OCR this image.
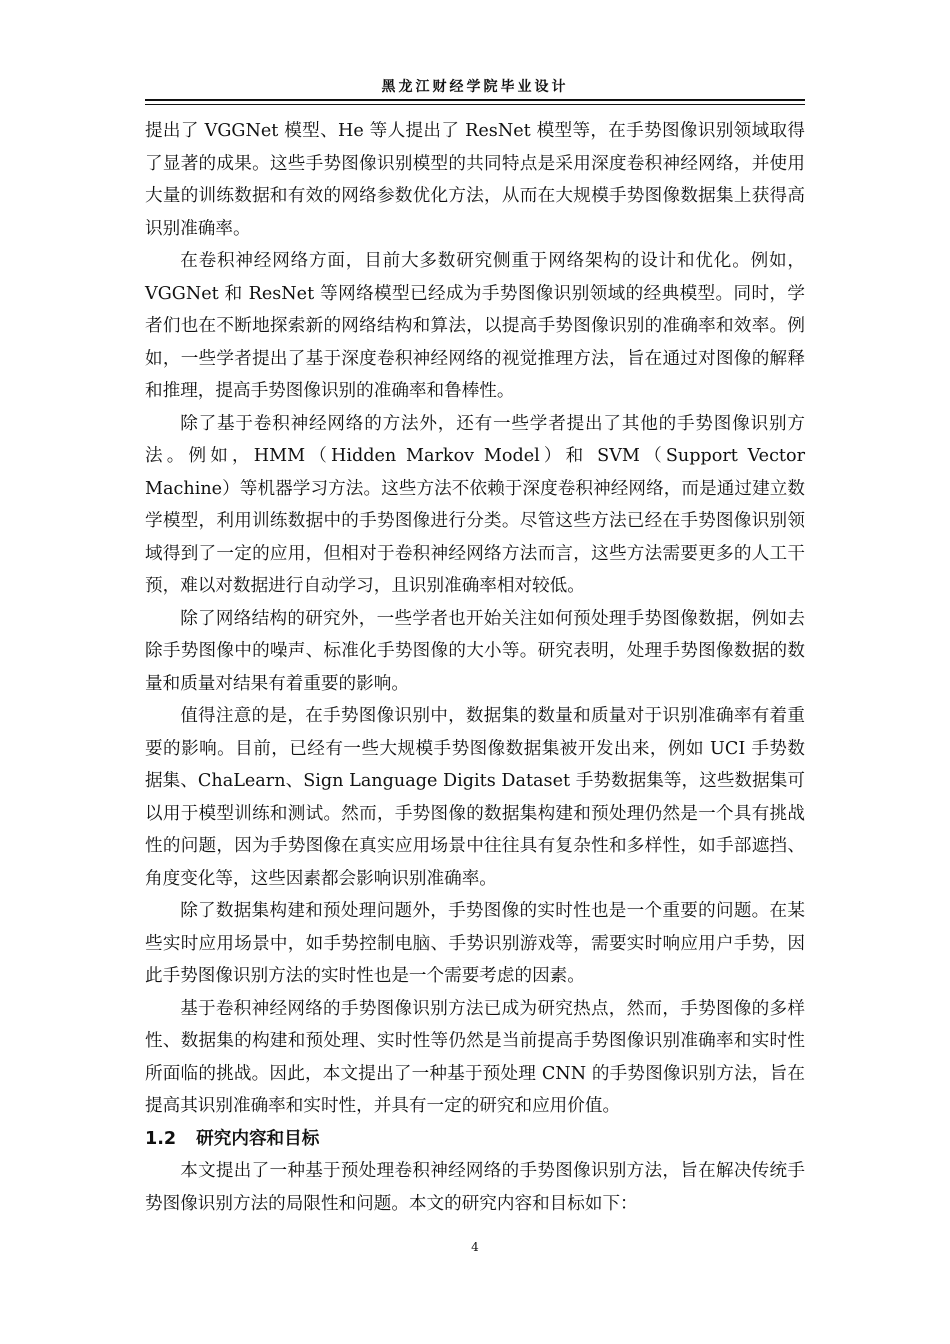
黑龙江财经学院毕业设计

提出了 VGGNet 模型、He 等人提出了 ResNet 模型等，在手势图像识别领域取得了显著的成果。这些手势图像识别模型的共同特点是采用深度卷积神经网络，并使用大量的训练数据和有效的网络参数优化方法，从而在大规模手势图像数据集上获得高识别准确率。

在卷积神经网络方面，目前大多数研究侧重于网络架构的设计和优化。例如，VGGNet 和 ResNet 等网络模型已经成为手势图像识别领域的经典模型。同时，学者们也在不断地探索新的网络结构和算法，以提高手势图像识别的准确率和效率。例如，一些学者提出了基于深度卷积神经网络的视觉推理方法，旨在通过对图像的解释和推理，提高手势图像识别的准确率和鲁棒性。

除了基于卷积神经网络的方法外，还有一些学者提出了其他的手势图像识别方法。例如，HMM（Hidden Markov Model）和 SVM（Support Vector Machine）等机器学习方法。这些方法不依赖于深度卷积神经网络，而是通过建立数学模型，利用训练数据中的手势图像进行分类。尽管这些方法已经在手势图像识别领域得到了一定的应用，但相对于卷积神经网络方法而言，这些方法需要更多的人工干预，难以对数据进行自动学习，且识别准确率相对较低。

除了网络结构的研究外，一些学者也开始关注如何预处理手势图像数据，例如去除手势图像中的噪声、标准化手势图像的大小等。研究表明，处理手势图像数据的数量和质量对结果有着重要的影响。

值得注意的是，在手势图像识别中，数据集的数量和质量对于识别准确率有着重要的影响。目前，已经有一些大规模手势图像数据集被开发出来，例如 UCI 手势数据集、ChaLearn、Sign Language Digits Dataset 手势数据集等，这些数据集可以用于模型训练和测试。然而，手势图像的数据集构建和预处理仍然是一个具有挑战性的问题，因为手势图像在真实应用场景中往往具有复杂性和多样性，如手部遮挡、角度变化等，这些因素都会影响识别准确率。

除了数据集构建和预处理问题外，手势图像的实时性也是一个重要的问题。在某些实时应用场景中，如手势控制电脑、手势识别游戏等，需要实时响应用户手势，因此手势图像识别方法的实时性也是一个需要考虑的因素。

基于卷积神经网络的手势图像识别方法已成为研究热点，然而，手势图像的多样性、数据集的构建和预处理、实时性等仍然是当前提高手势图像识别准确率和实时性所面临的挑战。因此，本文提出了一种基于预处理 CNN 的手势图像识别方法，旨在提高其识别准确率和实时性，并具有一定的研究和应用价值。

1.2 研究内容和目标

本文提出了一种基于预处理卷积神经网络的手势图像识别方法，旨在解决传统手势图像识别方法的局限性和问题。本文的研究内容和目标如下：

4
